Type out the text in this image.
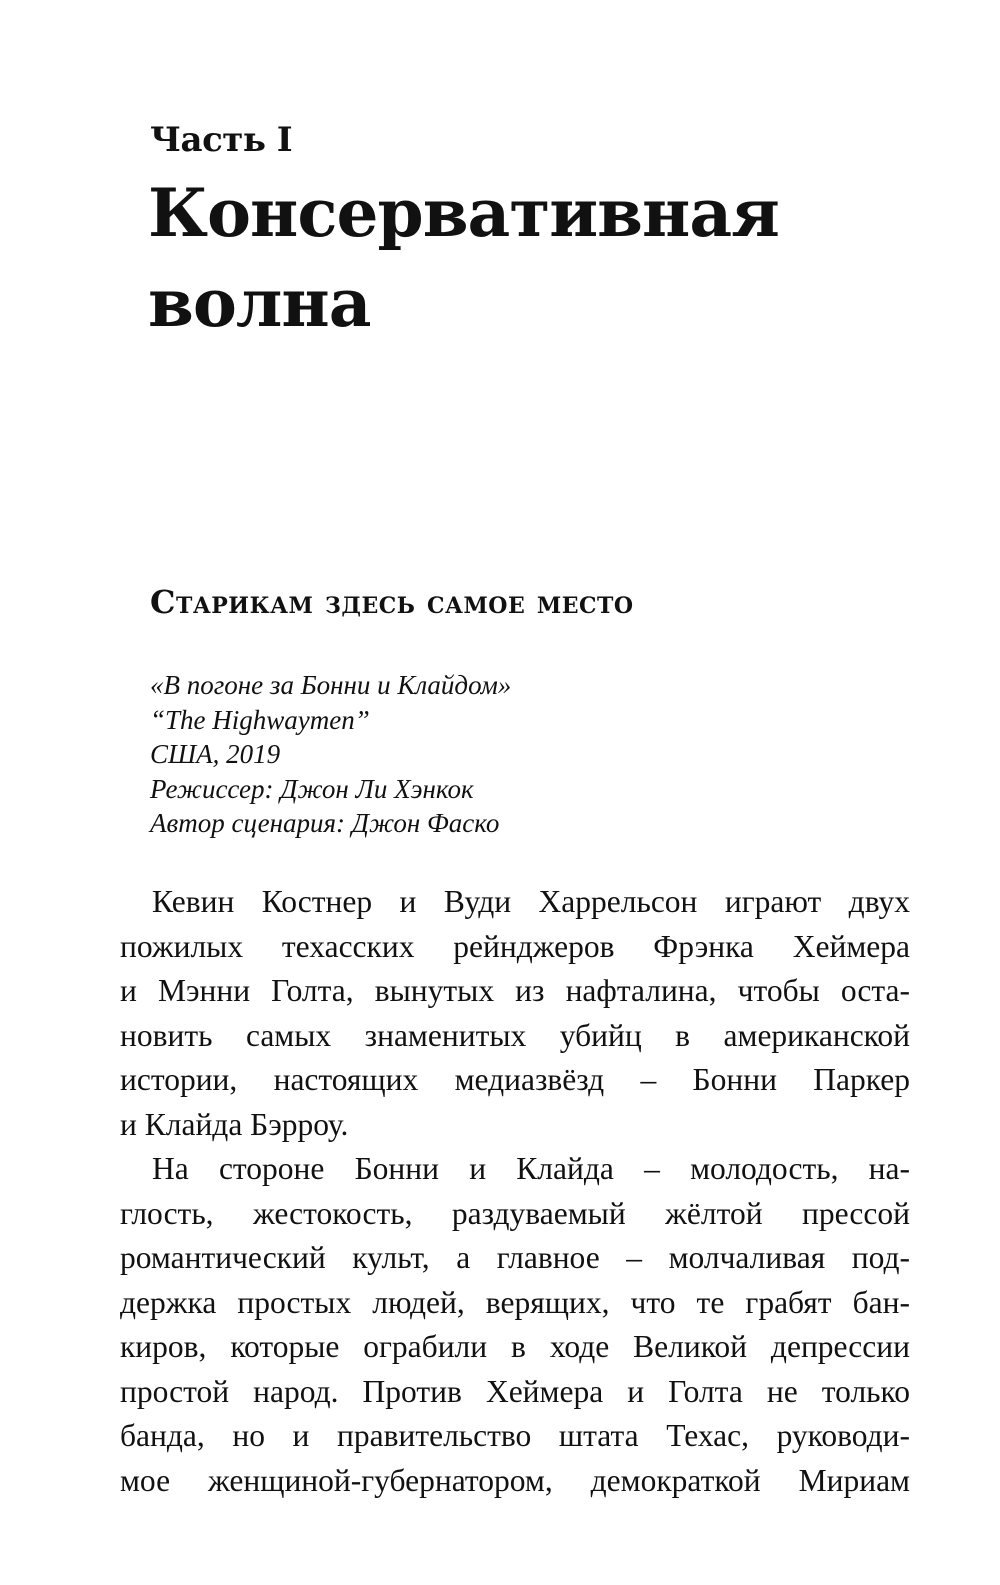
Часть I
Консервативная
волна
Старикам здесь самое место
«В погоне за Бонни и Клайдом»
“The Highwaymen”
США, 2019
Режиссер: Джон Ли Хэнкок
Автор сценария: Джон Фаско
Кевин Костнер и Вуди Харрельсон играют двух
пожилых техасских рейнджеров Фрэнка Хеймера
и Мэнни Голта, вынутых из нафталина, чтобы оста-
новить самых знаменитых убийц в американской
истории, настоящих медиазвёзд – Бонни Паркер
и Клайда Бэрроу.
На стороне Бонни и Клайда – молодость, на-
глость, жестокость, раздуваемый жёлтой прессой
романтический культ, а главное – молчаливая под-
держка простых людей, верящих, что те грабят бан-
киров, которые ограбили в ходе Великой депрессии
простой народ. Против Хеймера и Голта не только
банда, но и правительство штата Техас, руководи-
мое женщиной-губернатором, демократкой Мириам
